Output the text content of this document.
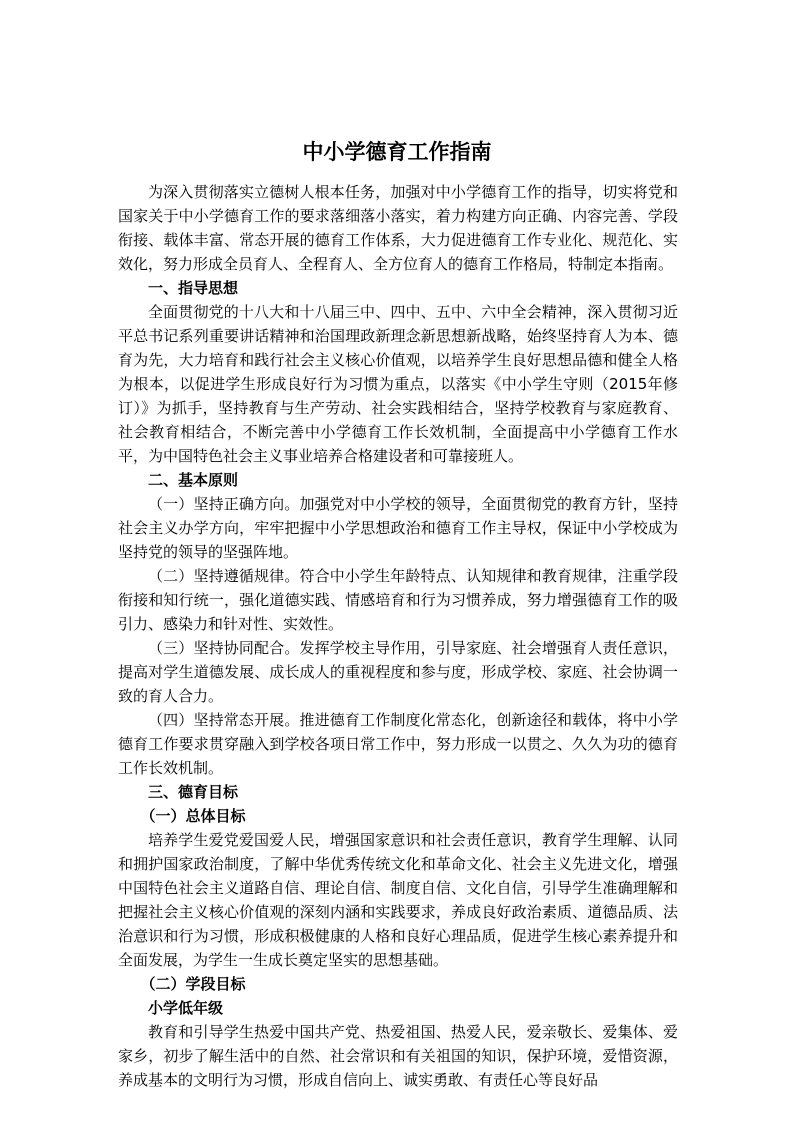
中小学德育工作指南

为深入贯彻落实立德树人根本任务，加强对中小学德育工作的指导，切实将党和国家关于中小学德育工作的要求落细落小落实，着力构建方向正确、内容完善、学段衔接、载体丰富、常态开展的德育工作体系，大力促进德育工作专业化、规范化、实效化，努力形成全员育人、全程育人、全方位育人的德育工作格局，特制定本指南。

一、指导思想

全面贯彻党的十八大和十八届三中、四中、五中、六中全会精神，深入贯彻习近平总书记系列重要讲话精神和治国理政新理念新思想新战略，始终坚持育人为本、德育为先，大力培育和践行社会主义核心价值观，以培养学生良好思想品德和健全人格为根本，以促进学生形成良好行为习惯为重点，以落实《中小学生守则（2015年修订）》为抓手，坚持教育与生产劳动、社会实践相结合，坚持学校教育与家庭教育、社会教育相结合，不断完善中小学德育工作长效机制，全面提高中小学德育工作水平，为中国特色社会主义事业培养合格建设者和可靠接班人。

二、基本原则

（一）坚持正确方向。加强党对中小学校的领导，全面贯彻党的教育方针，坚持社会主义办学方向，牢牢把握中小学思想政治和德育工作主导权，保证中小学校成为坚持党的领导的坚强阵地。

（二）坚持遵循规律。符合中小学生年龄特点、认知规律和教育规律，注重学段衔接和知行统一，强化道德实践、情感培育和行为习惯养成，努力增强德育工作的吸引力、感染力和针对性、实效性。

（三）坚持协同配合。发挥学校主导作用，引导家庭、社会增强育人责任意识，提高对学生道德发展、成长成人的重视程度和参与度，形成学校、家庭、社会协调一致的育人合力。

（四）坚持常态开展。推进德育工作制度化常态化，创新途径和载体，将中小学德育工作要求贯穿融入到学校各项日常工作中，努力形成一以贯之、久久为功的德育工作长效机制。

三、德育目标
（一）总体目标

培养学生爱党爱国爱人民，增强国家意识和社会责任意识，教育学生理解、认同和拥护国家政治制度，了解中华优秀传统文化和革命文化、社会主义先进文化，增强中国特色社会主义道路自信、理论自信、制度自信、文化自信，引导学生准确理解和把握社会主义核心价值观的深刻内涵和实践要求，养成良好政治素质、道德品质、法治意识和行为习惯，形成积极健康的人格和良好心理品质，促进学生核心素养提升和全面发展，为学生一生成长奠定坚实的思想基础。

（二）学段目标
小学低年级

教育和引导学生热爱中国共产党、热爱祖国、热爱人民，爱亲敬长、爱集体、爱家乡，初步了解生活中的自然、社会常识和有关祖国的知识，保护环境，爱惜资源，养成基本的文明行为习惯，形成自信向上、诚实勇敢、有责任心等良好品
